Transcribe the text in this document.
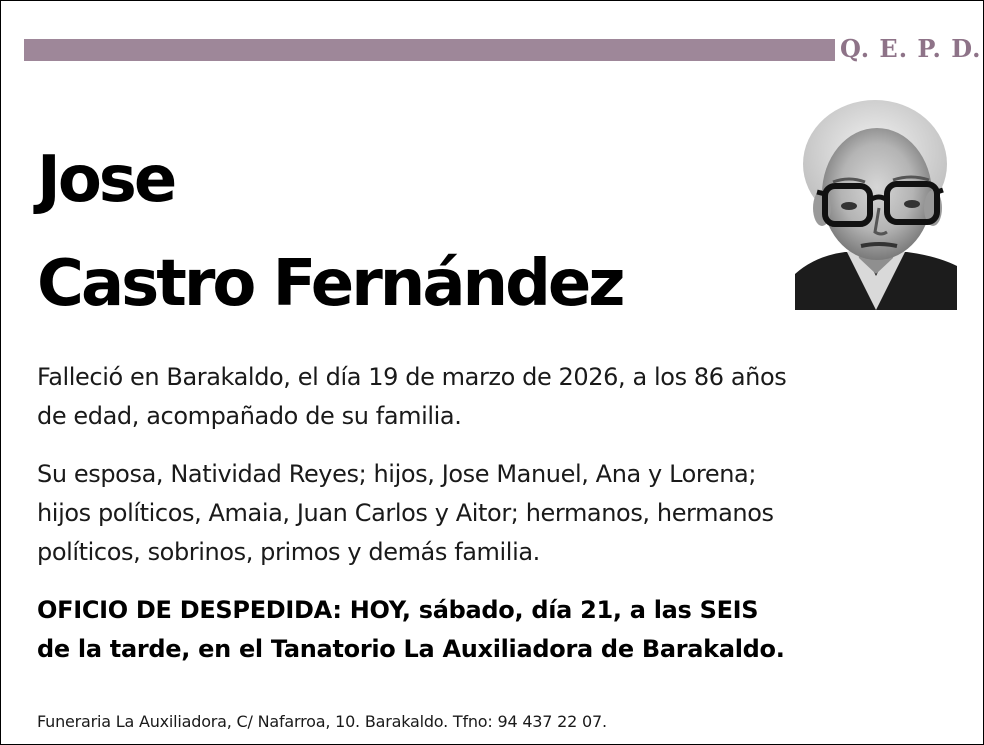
Q. E. P. D.
Jose
Castro Fernández
Falleció en Barakaldo, el día 19 de marzo de 2026, a los 86 años
de edad, acompañado de su familia.
Su esposa, Natividad Reyes; hijos, Jose Manuel, Ana y Lorena;
hijos políticos, Amaia, Juan Carlos y Aitor; hermanos, hermanos
políticos, sobrinos, primos y demás familia.
OFICIO DE DESPEDIDA: HOY, sábado, día 21, a las SEIS
de la tarde, en el Tanatorio La Auxiliadora de Barakaldo.
Funeraria La Auxiliadora, C/ Nafarroa, 10. Barakaldo. Tfno: 94 437 22 07.
